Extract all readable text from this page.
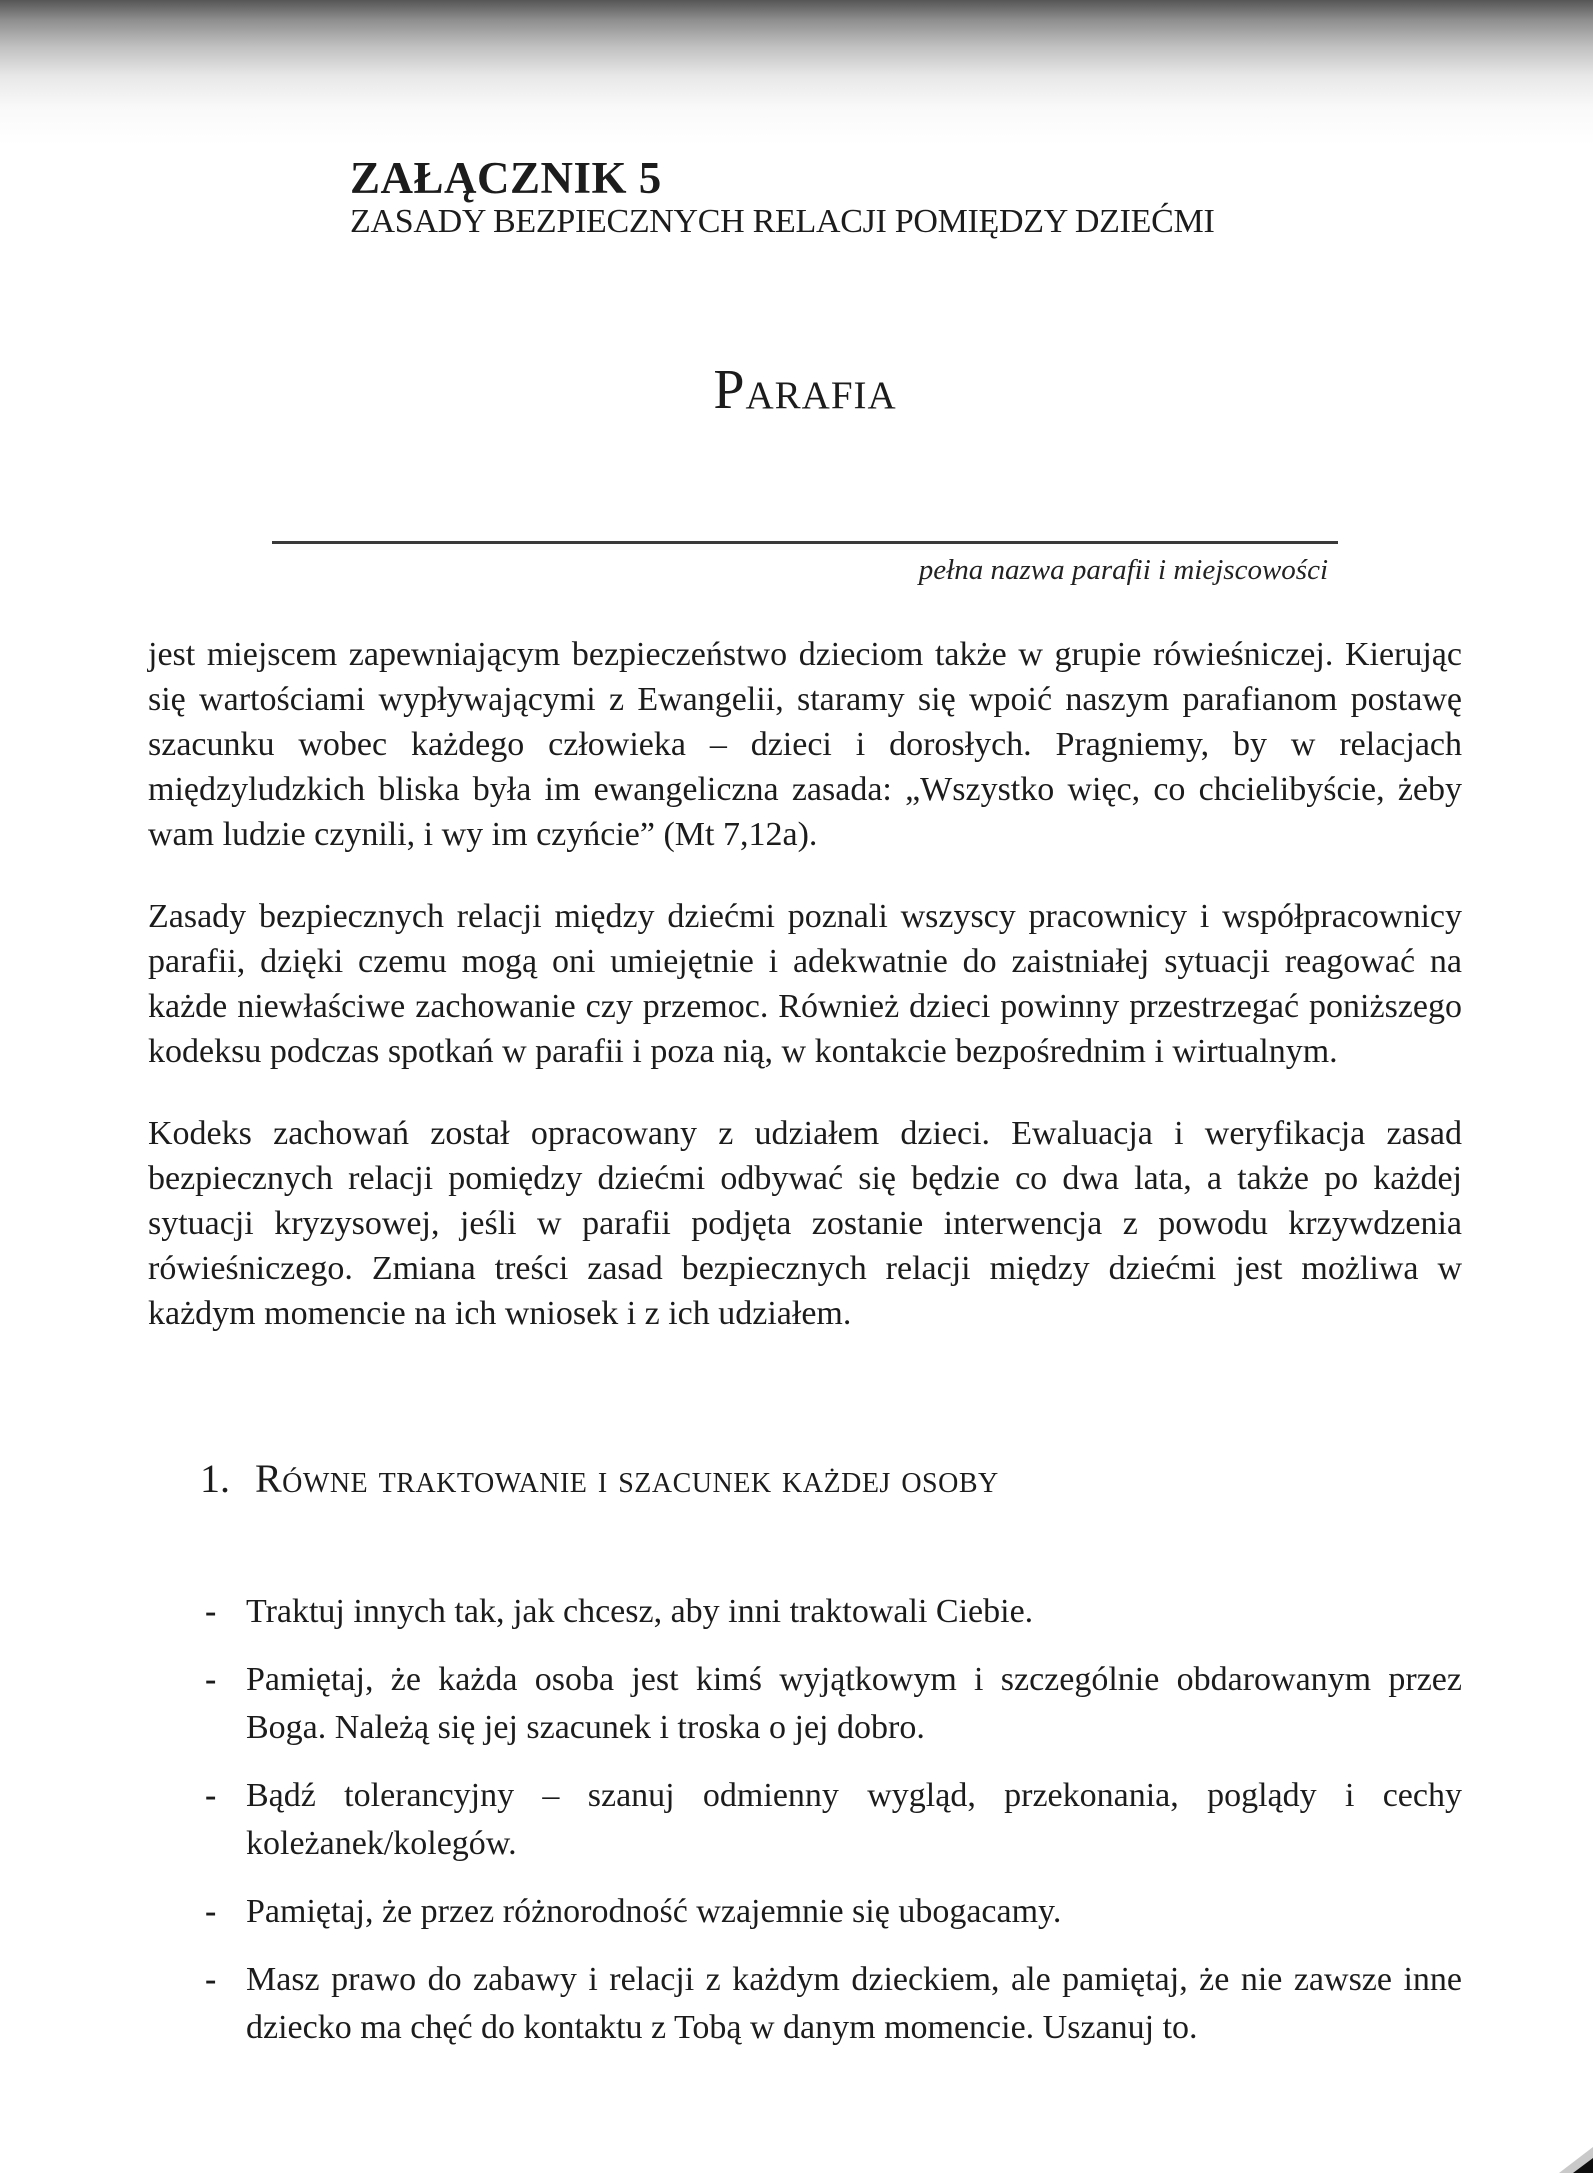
ZAŁĄCZNIK 5
ZASADY BEZPIECZNYCH RELACJI POMIĘDZY DZIEĆMI
Parafia
pełna nazwa parafii i miejscowości

jest miejscem zapewniającym bezpieczeństwo dzieciom także w grupie rówieśniczej. Kierując się wartościami wypływającymi z Ewangelii, staramy się wpoić naszym parafianom postawę szacunku wobec każdego człowieka – dzieci i dorosłych. Pragniemy, by w relacjach międzyludzkich bliska była im ewangeliczna zasada: „Wszystko więc, co chcielibyście, żeby wam ludzie czynili, i wy im czyńcie” (Mt 7,12a).

Zasady bezpiecznych relacji między dziećmi poznali wszyscy pracownicy i współpracownicy parafii, dzięki czemu mogą oni umiejętnie i adekwatnie do zaistniałej sytuacji reagować na każde niewłaściwe zachowanie czy przemoc. Również dzieci powinny przestrzegać poniższego kodeksu podczas spotkań w parafii i poza nią, w kontakcie bezpośrednim i wirtualnym.

Kodeks zachowań został opracowany z udziałem dzieci. Ewaluacja i weryfikacja zasad bezpiecznych relacji pomiędzy dziećmi odbywać się będzie co dwa lata, a także po każdej sytuacji kryzysowej, jeśli w parafii podjęta zostanie interwencja z powodu krzywdzenia rówieśniczego. Zmiana treści zasad bezpiecznych relacji między dziećmi jest możliwa w każdym momencie na ich wniosek i z ich udziałem.

1. Równe traktowanie i szacunek każdej osoby
- Traktuj innych tak, jak chcesz, aby inni traktowali Ciebie.
- Pamiętaj, że każda osoba jest kimś wyjątkowym i szczególnie obdarowanym przez Boga. Należą się jej szacunek i troska o jej dobro.
- Bądź tolerancyjny – szanuj odmienny wygląd, przekonania, poglądy i cechy koleżanek/kolegów.
- Pamiętaj, że przez różnorodność wzajemnie się ubogacamy.
- Masz prawo do zabawy i relacji z każdym dzieckiem, ale pamiętaj, że nie zawsze inne dziecko ma chęć do kontaktu z Tobą w danym momencie. Uszanuj to.
